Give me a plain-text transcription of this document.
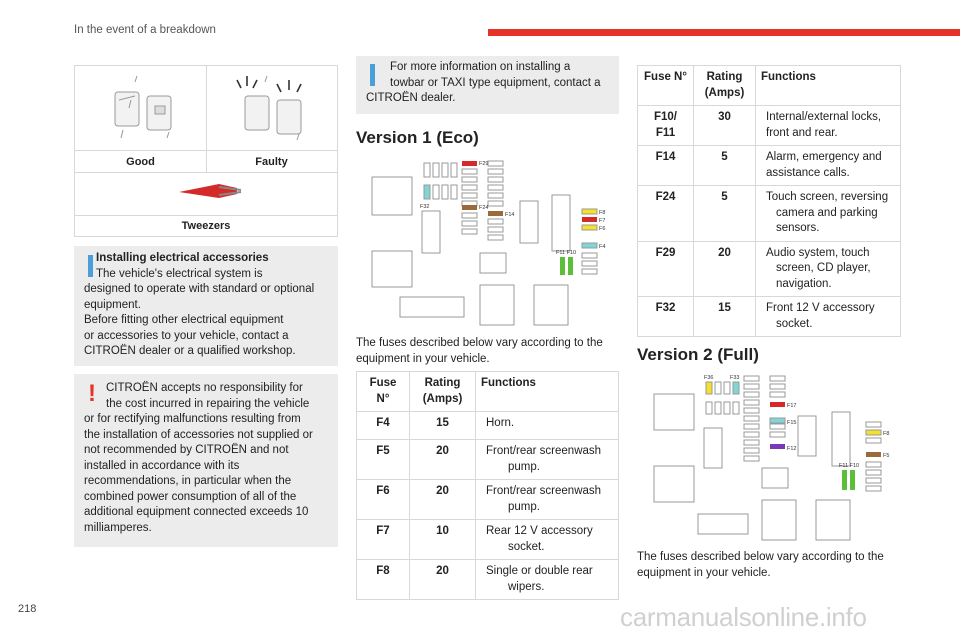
In the event of a breakdown
Good	Faulty
Tweezers

Installing electrical accessories

The vehicle's electrical system is

designed to operate with standard or optional

equipment.

Before fitting other electrical equipment

or accessories to your vehicle, contact a

CITROËN dealer or a qualified workshop.

! CITROËN accepts no responsibility for

the cost incurred in repairing the vehicle

or for rectifying malfunctions resulting from

the installation of accessories not supplied or

not recommended by CITROËN and not

installed in accordance with its

recommendations, in particular when the

combined power consumption of all of the

additional equipment connected exceeds 10

milliamperes.

For more information on installing a

towbar or TAXI type equipment, contact a

CITROËN dealer.

Version 1 (Eco)
F29
F32	F24
F14	F8
F7
F6
F4
F11 F10
The fuses described below vary according to the
equipment in your vehicle.
Fuse N°	Rating
(Amps)	Functions
F4	15	Horn.
F5	20	Front/rear screenwash
pump.
F6	20	Front/rear screenwash
pump.
F7	10	Rear 12 V accessory
socket.
F8	20	Single or double rear
wipers.
Fuse N°	Rating
(Amps)	Functions
F10/
F11	30	Internal/external locks,
front and rear.
F14	5	Alarm, emergency and
assistance calls.
F24	5	Touch screen, reversing
camera and parking
sensors.
F29	20	Audio system, touch
screen, CD player,
navigation.
F32	15	Front 12 V accessory
socket.
Version 2 (Full)
F36	F33
F17
F15
F12
F8
F5
F11 F10
The fuses described below vary according to the
equipment in your vehicle.
218	carmanualsonline.info
